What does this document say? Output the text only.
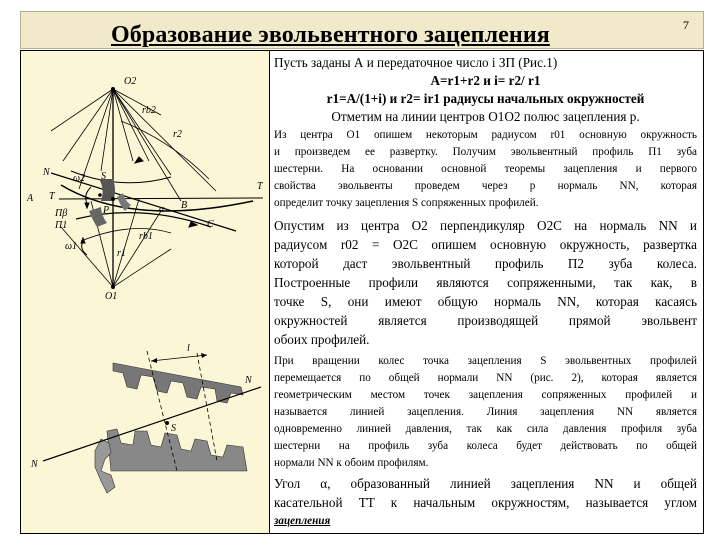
Образование эвольвентного зацепления	7
O2
r2
rb2
N
A
S
T
T
Пβ
П1
ω2
ω1
α
P	B
rb1
r1
O1
C
N
S
l
N
Пусть заданы А и передаточное число i ЗП (Рис.1)
A=r1+r2 и i= r2/ r1
r1=A/(1+i) и r2= ir1 радиусы начальных окружностей
Отметим на линии центров O1O2 полюс зацепления р.
Из центра O1 опишем некоторым радиусом r01 основную окружность
и произведем ее развертку. Получим эвольвентный профиль П1 зуба
шестерни. На основании основной теоремы зацепления и первого
свойства эвольвенты проведем через р нормаль NN, которая
определит точку зацепления S сопряженных профилей.
Опустим из центра O2 перпендикуляр O2C на нормаль NN и
радиусом r02 = O2C опишем основную окружность, развертка
которой даст эвольвентный профиль П2 зуба колеса.
Построенные профили являются сопряженными, так как, в
точке S, они имеют общую нормаль NN, которая касаясь
окружностей является производящей прямой эвольвент
обоих профилей.
При вращении колес точка зацепления S эвольвентных профилей
перемещается по общей нормали NN (рис. 2), которая является
геометрическим местом точек зацепления сопряженных профилей и
называется линией зацепления. Линия зацепления NN является
одновременно линией давления, так как сила давления профиля зуба
шестерни на профиль зуба колеса будет действовать по общей
нормали NN к обоим профилям.
Угол α, образованный линией зацепления NN и общей
касательной TT к начальным окружностям, называется углом
зацепления
